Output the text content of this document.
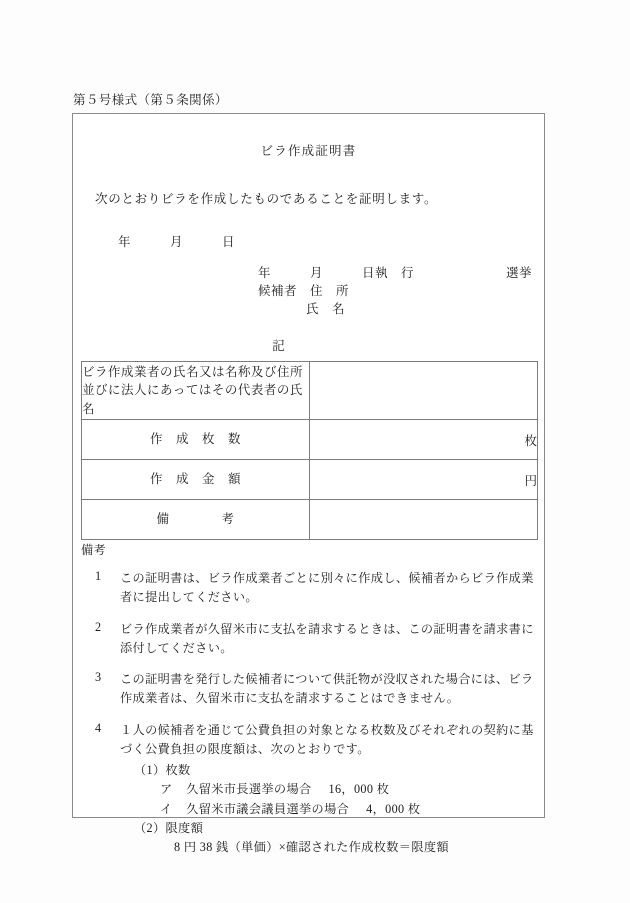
第５号様式（第５条関係）
ビラ作成証明書
次のとおりビラを作成したものであることを証明します。
年　　　月　　　日
年　　　月　　　日執　行	選挙
候補者　住　所
氏　名
記
ビラ作成業者の氏名又は名称及び住所
並びに法人にあってはその代表者の氏
名	

作　成　枚　数	枚
作　成　金　額	円
備　　　　考	
備考
1	この証明書は、ビラ作成業者ごとに別々に作成し、候補者からビラ作成業者に提出してください。
2	ビラ作成業者が久留米市に支払を請求するときは、この証明書を請求書に添付してください。
3	この証明書を発行した候補者について供託物が没収された場合には、ビラ作成業者は、久留米市に支払を請求することはできません。
4	１人の候補者を通じて公費負担の対象となる枚数及びそれぞれの契約に基づく公費負担の限度額は、次のとおりです。
（1）枚数
ア 久留米市長選挙の場合 16，000 枚
イ 久留米市議会議員選挙の場合 4，000 枚
（2）限度額
8 円 38 銭（単価）×確認された作成枚数＝限度額
